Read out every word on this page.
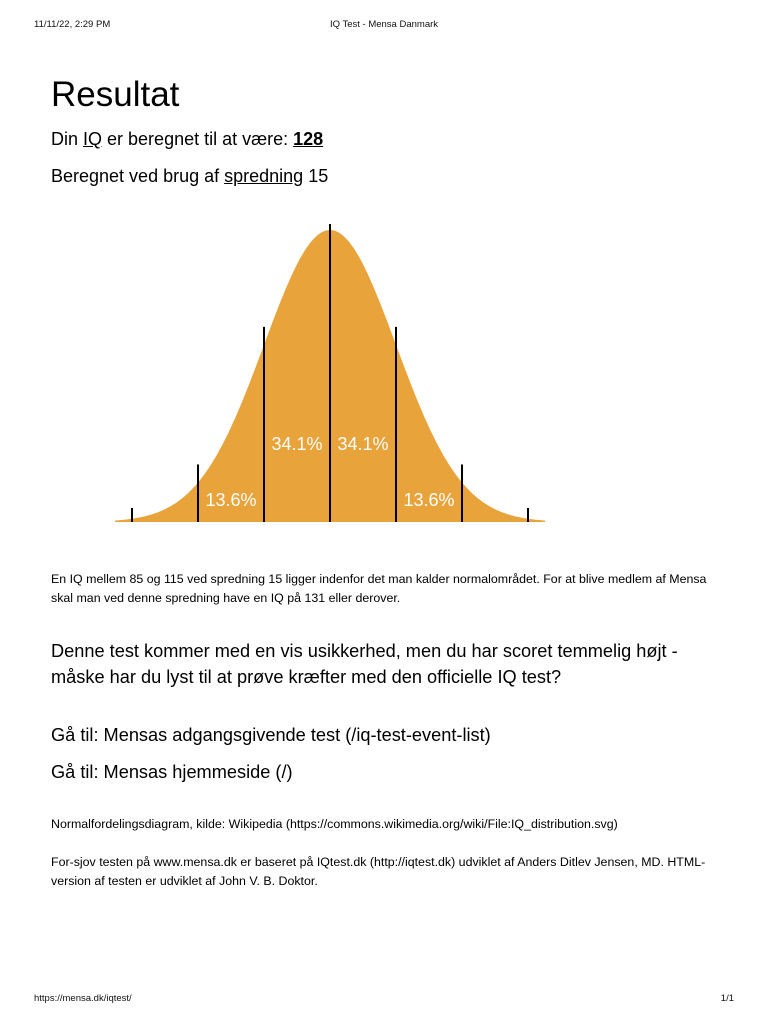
11/11/22, 2:29 PM	IQ Test - Mensa Danmark
Resultat

Din IQ er beregnet til at være: 128

Beregnet ved brug af spredning 15

34.1% 34.1%
13.6%	13.6%

En IQ mellem 85 og 115 ved spredning 15 ligger indenfor det man kalder normalområdet. For at blive medlem af Mensa skal man ved denne spredning have en IQ på 131 eller derover.

Denne test kommer med en vis usikkerhed, men du har scoret temmelig højt - måske har du lyst til at prøve kræfter med den officielle IQ test?

Gå til: Mensas adgangsgivende test (/iq-test-event-list)
Gå til: Mensas hjemmeside (/)

Normalfordelingsdiagram, kilde: Wikipedia (https://commons.wikimedia.org/wiki/File:IQ_distribution.svg)

For-sjov testen på www.mensa.dk er baseret på IQtest.dk (http://iqtest.dk) udviklet af Anders Ditlev Jensen, MD. HTML-version af testen er udviklet af John V. B. Doktor.

https://mensa.dk/iqtest/	1/1
